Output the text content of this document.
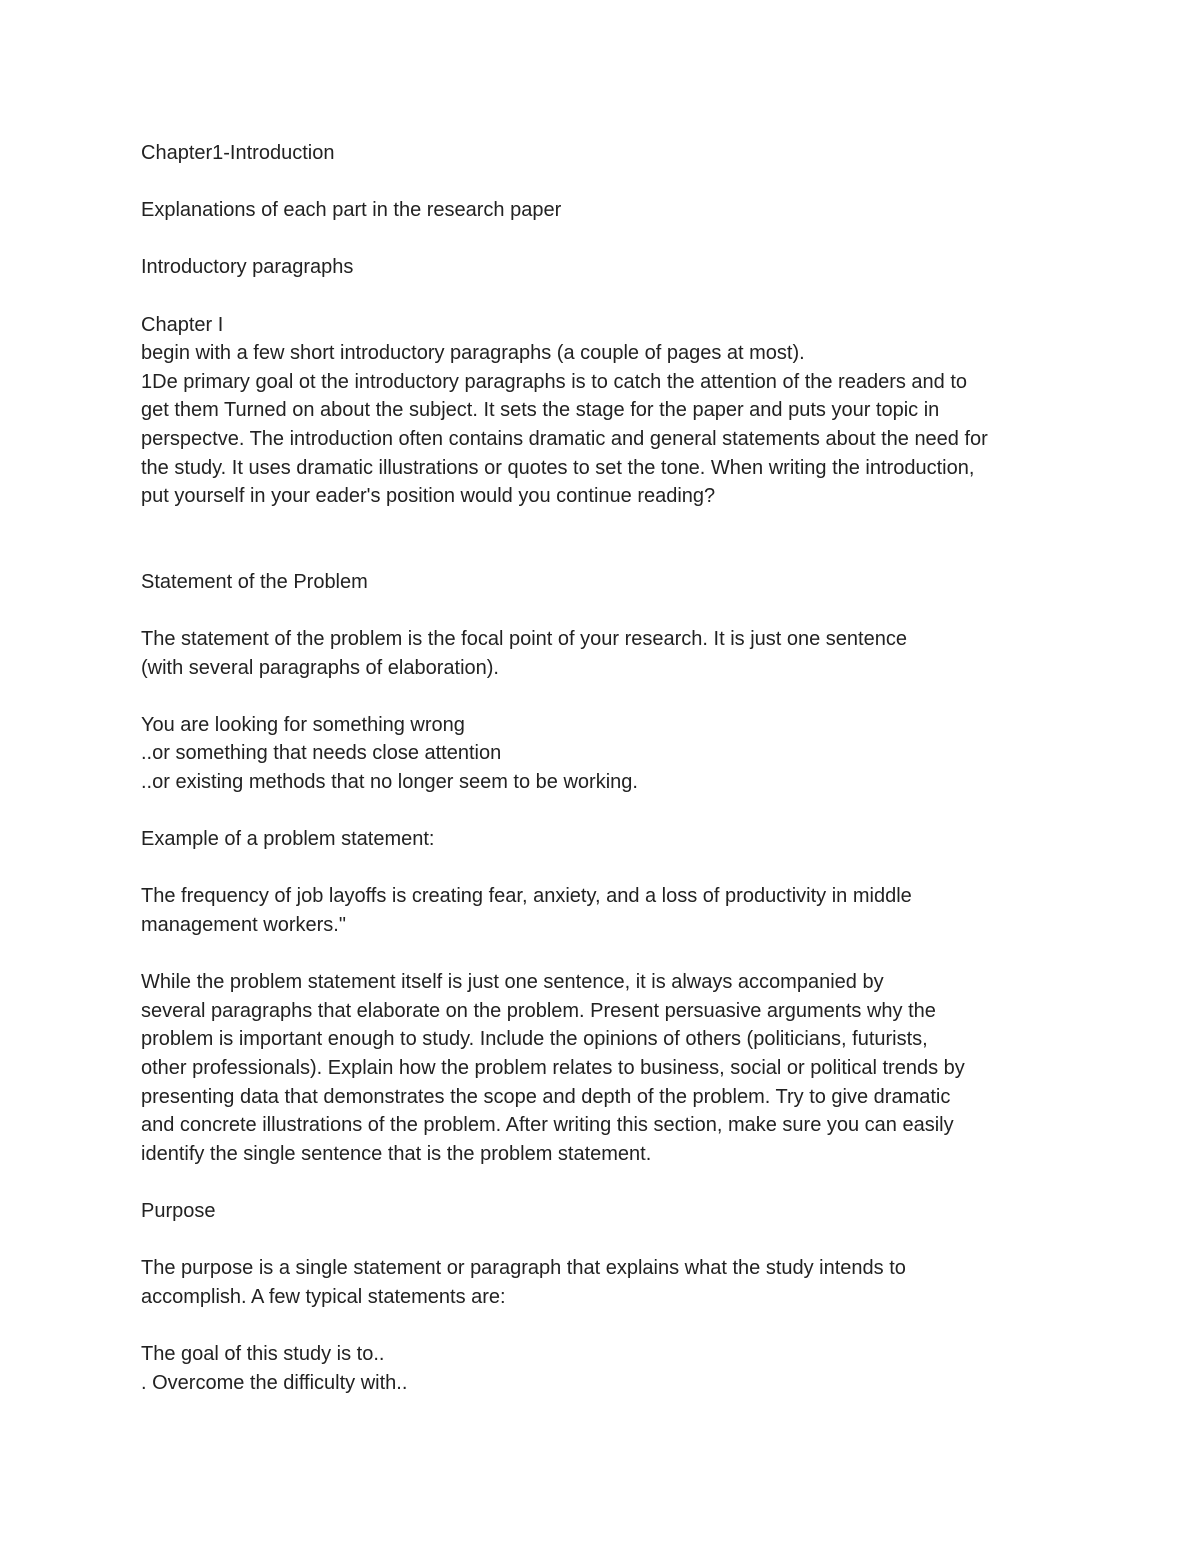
Chapter1-Introduction
Explanations of each part in the research paper
Introductory paragraphs
Chapter I
begin with a few short introductory paragraphs (a couple of pages at most).
1De primary goal ot the introductory paragraphs is to catch the attention of the readers and to
get them Turned on about the subject. It sets the stage for the paper and puts your topic in
perspectve. The introduction often contains dramatic and general statements about the need for
the study. It uses dramatic illustrations or quotes to set the tone. When writing the introduction,
put yourself in your eader's position would you continue reading?
Statement of the Problem
The statement of the problem is the focal point of your research. It is just one sentence
(with several paragraphs of elaboration).
You are looking for something wrong
..or something that needs close attention
..or existing methods that no longer seem to be working.
Example of a problem statement:
The frequency of job layoffs is creating fear, anxiety, and a loss of productivity in middle
management workers."
While the problem statement itself is just one sentence, it is always accompanied by
several paragraphs that elaborate on the problem. Present persuasive arguments why the
problem is important enough to study. Include the opinions of others (politicians, futurists,
other professionals). Explain how the problem relates to business, social or political trends by
presenting data that demonstrates the scope and depth of the problem. Try to give dramatic
and concrete illustrations of the problem. After writing this section, make sure you can easily
identify the single sentence that is the problem statement.
Purpose
The purpose is a single statement or paragraph that explains what the study intends to
accomplish. A few typical statements are:
The goal of this study is to..
. Overcome the difficulty with..
